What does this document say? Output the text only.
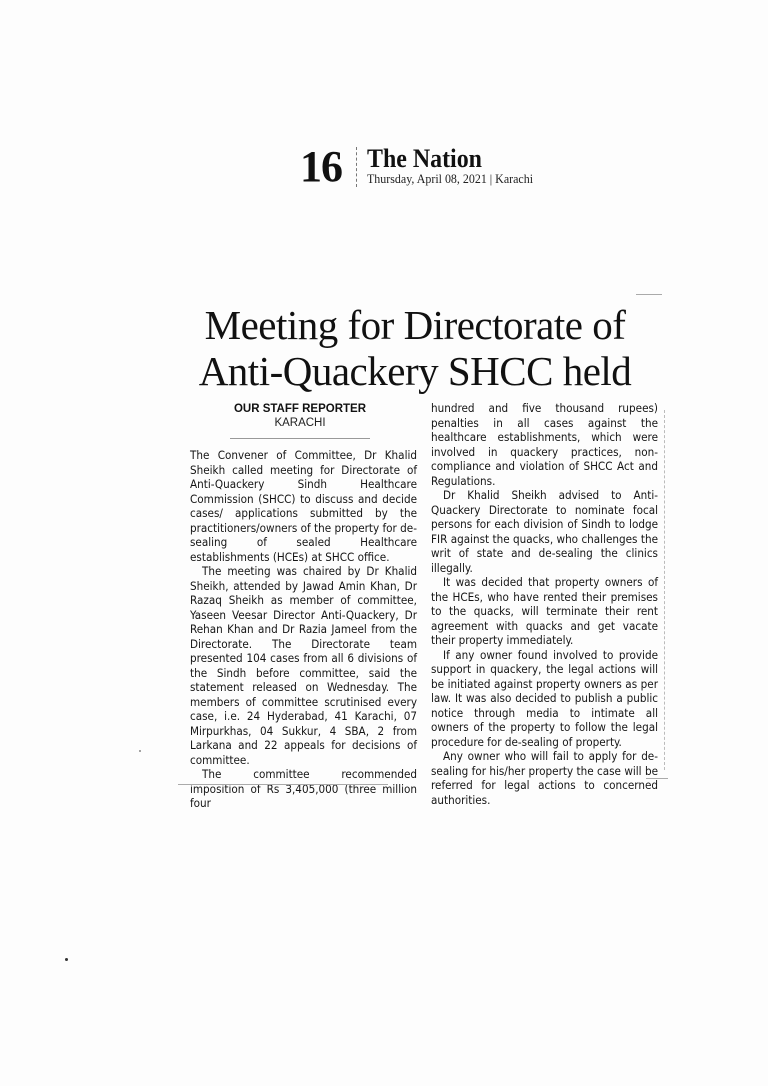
16 The Nation
Thursday, April 08, 2021 | Karachi
Meeting for Directorate of
Anti-Quackery SHCC held
OUR STAFF REPORTER
KARACHI

The Convener of Committee, Dr Khalid Sheikh called meeting for Directorate of Anti-Quackery Sindh Healthcare Commission (SHCC) to discuss and decide cases/ applications submitted by the practitioners/owners of the property for de-sealing of sealed Healthcare establishments (HCEs) at SHCC office.

The meeting was chaired by Dr Khalid Sheikh, attended by Jawad Amin Khan, Dr Razaq Sheikh as member of committee, Yaseen Veesar Director Anti-Quackery, Dr Rehan Khan and Dr Razia Jameel from the Directorate. The Directorate team presented 104 cases from all 6 divisions of the Sindh before committee, said the statement released on Wednesday. The members of committee scrutinised every case, i.e. 24 Hyderabad, 41 Karachi, 07 Mirpurkhas, 04 Sukkur, 4 SBA, 2 from Larkana and 22 appeals for decisions of committee.

The committee recommended imposition of Rs 3,405,000 (three million four

hundred and five thousand rupees) penalties in all cases against the healthcare establishments, which were involved in quackery practices, non-compliance and violation of SHCC Act and Regulations.

Dr Khalid Sheikh advised to Anti-Quackery Directorate to nominate focal persons for each division of Sindh to lodge FIR against the quacks, who challenges the writ of state and de-sealing the clinics illegally.

It was decided that property owners of the HCEs, who have rented their premises to the quacks, will terminate their rent agreement with quacks and get vacate their property immediately.

If any owner found involved to provide support in quackery, the legal actions will be initiated against property owners as per law. It was also decided to publish a public notice through media to intimate all owners of the property to follow the legal procedure for de-sealing of property.

Any owner who will fail to apply for de-sealing for his/her property the case will be referred for legal actions to concerned authorities.
